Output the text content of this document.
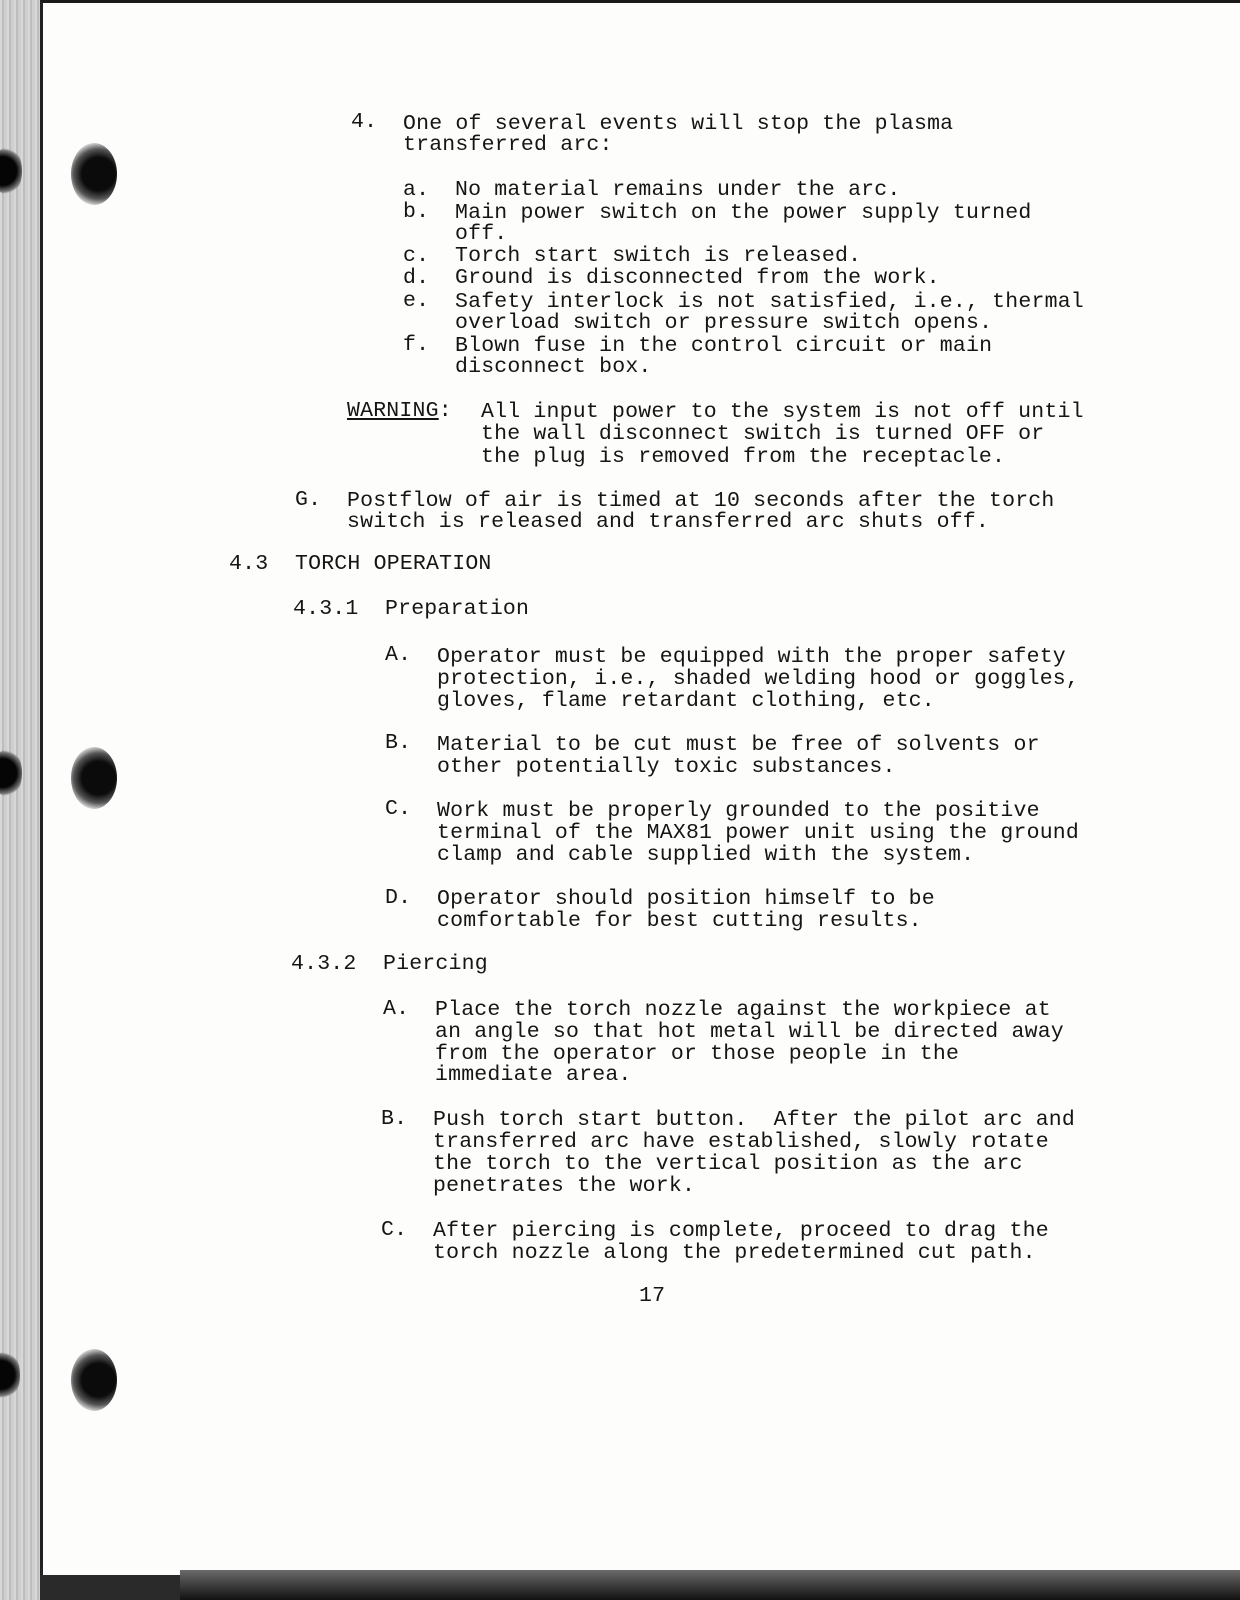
4. One of several events will stop the plasma
transferred arc:
a. No material remains under the arc.
b. Main power switch on the power supply turned
off.
c. Torch start switch is released.
d. Ground is disconnected from the work.
e. Safety interlock is not satisfied, i.e., thermal
overload switch or pressure switch opens.
f. Blown fuse in the control circuit or main
disconnect box.
WARNING: All input power to the system is not off until
the wall disconnect switch is turned OFF or
the plug is removed from the receptacle.
G. Postflow of air is timed at 10 seconds after the torch
switch is released and transferred arc shuts off.
4.3 TORCH OPERATION
4.3.1 Preparation
A. Operator must be equipped with the proper safety
protection, i.e., shaded welding hood or goggles,
gloves, flame retardant clothing, etc.
B. Material to be cut must be free of solvents or
other potentially toxic substances.
C. Work must be properly grounded to the positive
terminal of the MAX81 power unit using the ground
clamp and cable supplied with the system.
D. Operator should position himself to be
comfortable for best cutting results.
4.3.2 Piercing
A. Place the torch nozzle against the workpiece at
an angle so that hot metal will be directed away
from the operator or those people in the
immediate area.
B. Push torch start button.  After the pilot arc and
transferred arc have established, slowly rotate
the torch to the vertical position as the arc
penetrates the work.
C. After piercing is complete, proceed to drag the
torch nozzle along the predetermined cut path.
17
